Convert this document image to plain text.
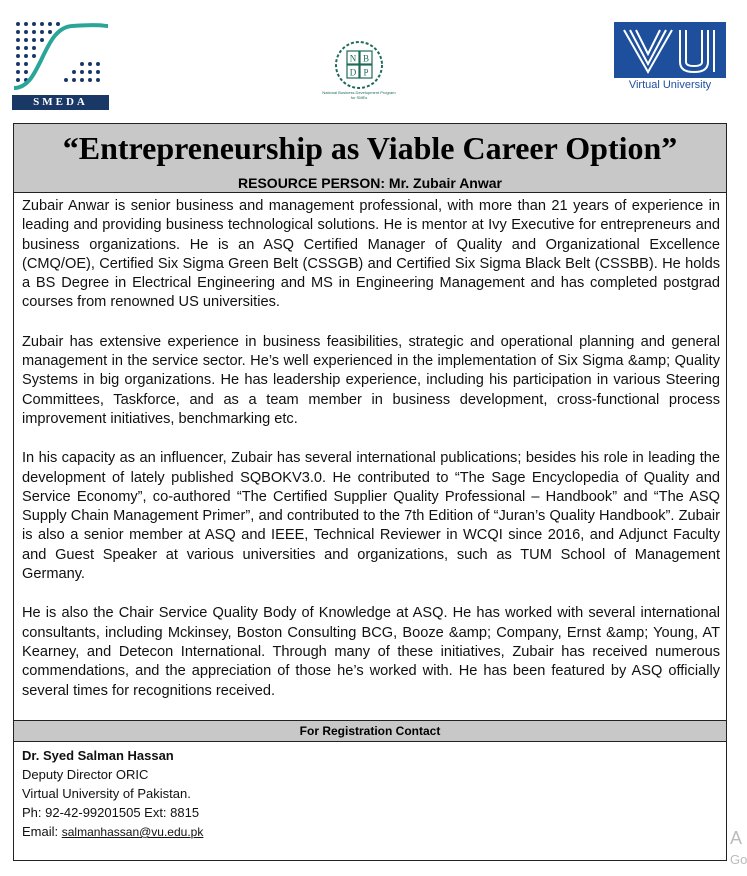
SMEDA
N B
D P
National Business Development Program for SMEs
Virtual University
“Entrepreneurship as Viable Career Option”
RESOURCE PERSON: Mr. Zubair Anwar

Zubair Anwar is senior business and management professional, with more than 21 years of experience in leading and providing business technological solutions. He is mentor at Ivy Executive for entrepreneurs and business organizations. He is an ASQ Certified Manager of Quality and Organizational Excellence (CMQ/OE), Certified Six Sigma Green Belt (CSSGB) and Certified Six Sigma Black Belt (CSSBB). He holds a BS Degree in Electrical Engineering and MS in Engineering Management and has completed postgrad courses from renowned US universities.

Zubair has extensive experience in business feasibilities, strategic and operational planning and general management in the service sector. He’s well experienced in the implementation of Six Sigma &amp; Quality Systems in big organizations. He has leadership experience, including his participation in various Steering Committees, Taskforce, and as a team member in business development, cross-functional process improvement initiatives, benchmarking etc.

In his capacity as an influencer, Zubair has several international publications; besides his role in leading the development of lately published SQBOKV3.0. He contributed to “The Sage Encyclopedia of Quality and Service Economy”, co-authored “The Certified Supplier Quality Professional – Handbook” and “The ASQ Supply Chain Management Primer”, and contributed to the 7th Edition of “Juran’s Quality Handbook”. Zubair is also a senior member at ASQ and IEEE, Technical Reviewer in WCQI since 2016, and Adjunct Faculty and Guest Speaker at various universities and organizations, such as TUM School of Management Germany.

He is also the Chair Service Quality Body of Knowledge at ASQ. He has worked with several international consultants, including Mckinsey, Boston Consulting BCG, Booze &amp; Company, Ernst &amp; Young, AT Kearney, and Detecon International. Through many of these initiatives, Zubair has received numerous commendations, and the appreciation of those he’s worked with. He has been featured by ASQ officially several times for recognitions received.

For Registration Contact
Dr. Syed Salman Hassan
Deputy Director ORIC
Virtual University of Pakistan.
Ph: 92-42-99201505 Ext: 8815
Email: salmanhassan@vu.edu.pk	A
Go
